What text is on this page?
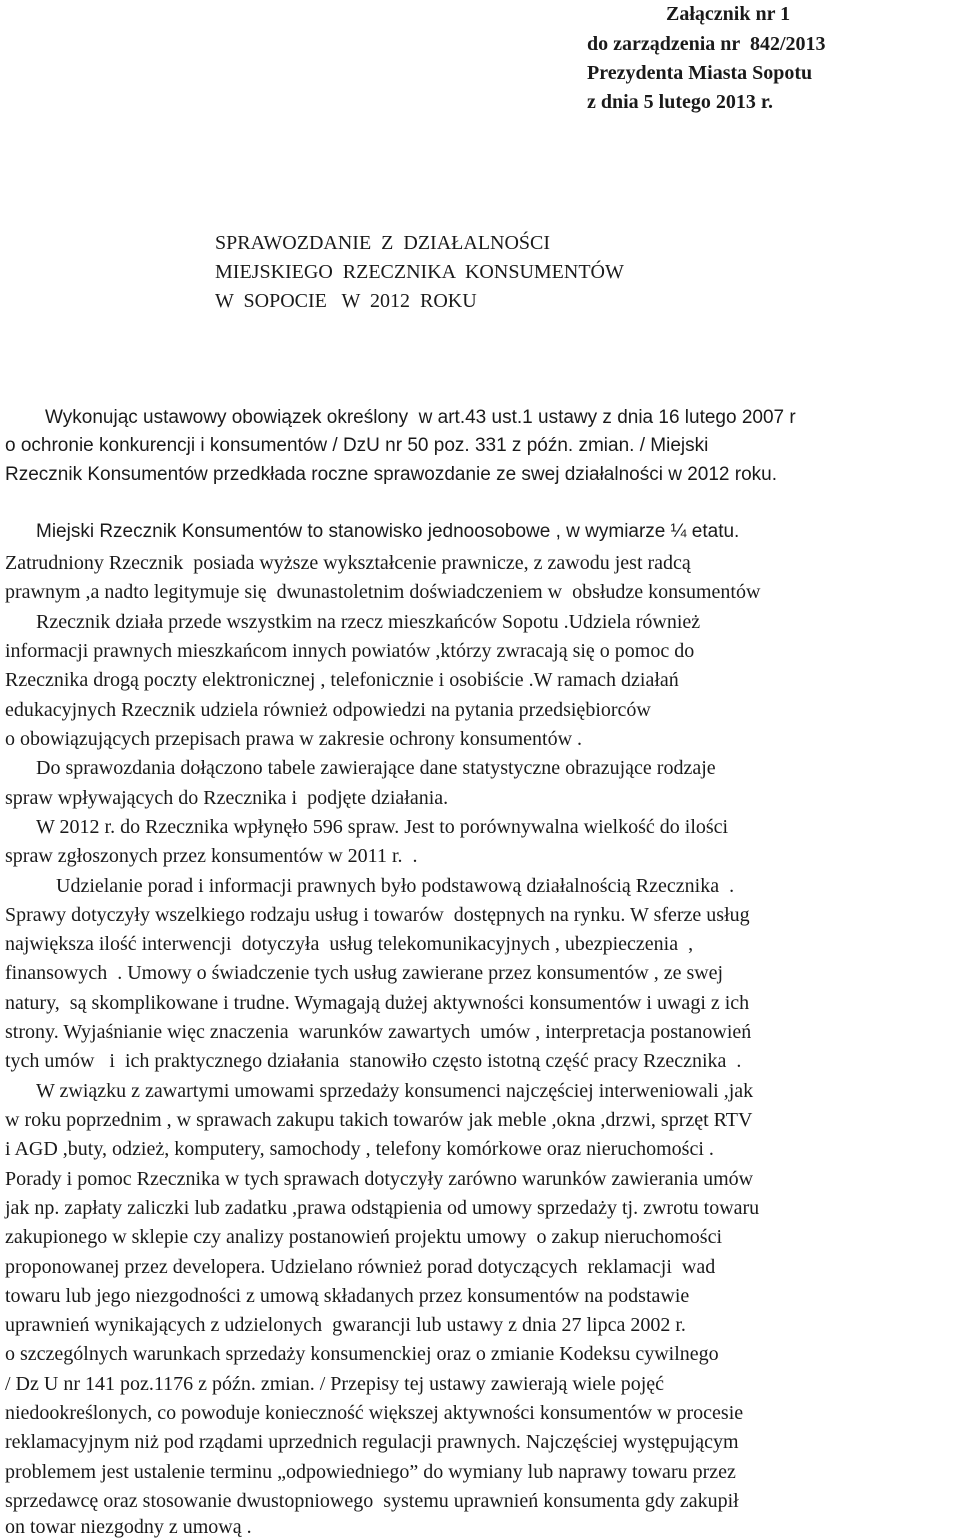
Załącznik nr 1
do zarządzenia nr  842/2013
Prezydenta Miasta Sopotu
z dnia 5 lutego 2013 r.
SPRAWOZDANIE  Z  DZIAŁALNOŚCI
MIEJSKIEGO  RZECZNIKA  KONSUMENTÓW
W  SOPOCIE   W  2012  ROKU
Wykonując ustawowy obowiązek określony  w art.43 ust.1 ustawy z dnia 16 lutego 2007 r
o ochronie konkurencji i konsumentów / DzU nr 50 poz. 331 z późn. zmian. / Miejski
Rzecznik Konsumentów przedkłada roczne sprawozdanie ze swej działalności w 2012 roku.
Miejski Rzecznik Konsumentów to stanowisko jednoosobowe , w wymiarze ¼ etatu.
Zatrudniony Rzecznik  posiada wyższe wykształcenie prawnicze, z zawodu jest radcą
prawnym ,a nadto legitymuje się  dwunastoletnim doświadczeniem w  obsłudze konsumentów
Rzecznik działa przede wszystkim na rzecz mieszkańców Sopotu .Udziela również
informacji prawnych mieszkańcom innych powiatów ,którzy zwracają się o pomoc do
Rzecznika drogą poczty elektronicznej , telefonicznie i osobiście .W ramach działań
edukacyjnych Rzecznik udziela również odpowiedzi na pytania przedsiębiorców
o obowiązujących przepisach prawa w zakresie ochrony konsumentów .
Do sprawozdania dołączono tabele zawierające dane statystyczne obrazujące rodzaje
spraw wpływających do Rzecznika i  podjęte działania.
W 2012 r. do Rzecznika wpłynęło 596 spraw. Jest to porównywalna wielkość do ilości
spraw zgłoszonych przez konsumentów w 2011 r.  .
Udzielanie porad i informacji prawnych było podstawową działalnością Rzecznika  .
Sprawy dotyczyły wszelkiego rodzaju usług i towarów  dostępnych na rynku. W sferze usług
największa ilość interwencji  dotyczyła  usług telekomunikacyjnych , ubezpieczenia  ,
finansowych  . Umowy o świadczenie tych usług zawierane przez konsumentów , ze swej
natury,  są skomplikowane i trudne. Wymagają dużej aktywności konsumentów i uwagi z ich
strony. Wyjaśnianie więc znaczenia  warunków zawartych  umów , interpretacja postanowień
tych umów   i  ich praktycznego działania  stanowiło często istotną część pracy Rzecznika  .
W związku z zawartymi umowami sprzedaży konsumenci najczęściej interweniowali ,jak
w roku poprzednim , w sprawach zakupu takich towarów jak meble ,okna ,drzwi, sprzęt RTV
i AGD ,buty, odzież, komputery, samochody , telefony komórkowe oraz nieruchomości .
Porady i pomoc Rzecznika w tych sprawach dotyczyły zarówno warunków zawierania umów
jak np. zapłaty zaliczki lub zadatku ,prawa odstąpienia od umowy sprzedaży tj. zwrotu towaru
zakupionego w sklepie czy analizy postanowień projektu umowy  o zakup nieruchomości
proponowanej przez developera. Udzielano również porad dotyczących  reklamacji  wad
towaru lub jego niezgodności z umową składanych przez konsumentów na podstawie
uprawnień wynikających z udzielonych  gwarancji lub ustawy z dnia 27 lipca 2002 r.
o szczególnych warunkach sprzedaży konsumenckiej oraz o zmianie Kodeksu cywilnego
/ Dz U nr 141 poz.1176 z późn. zmian. / Przepisy tej ustawy zawierają wiele pojęć
niedookreślonych, co powoduje konieczność większej aktywności konsumentów w procesie
reklamacyjnym niż pod rządami uprzednich regulacji prawnych. Najczęściej występującym
problemem jest ustalenie terminu „odpowiedniego” do wymiany lub naprawy towaru przez
sprzedawcę oraz stosowanie dwustopniowego  systemu uprawnień konsumenta gdy zakupił
on towar niezgodny z umową .
